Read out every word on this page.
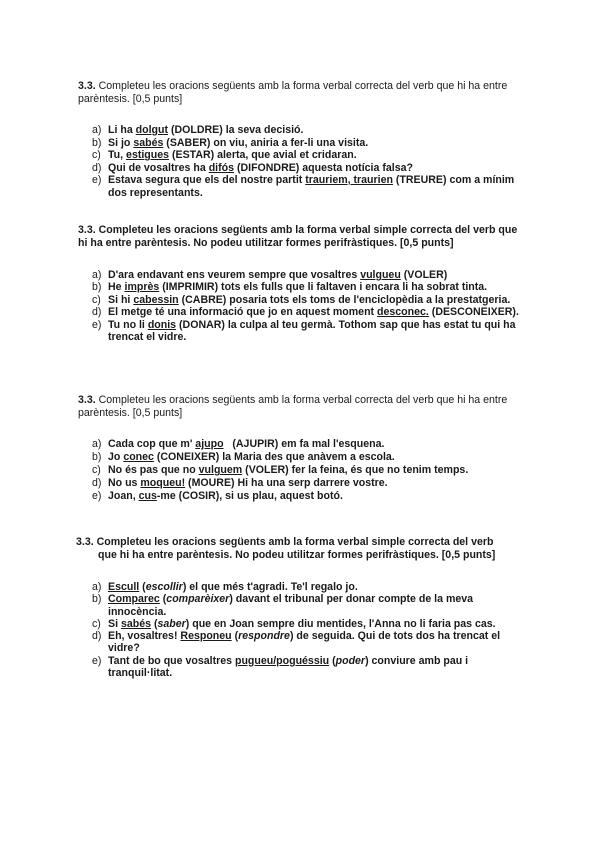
3.3. Completeu les oracions següents amb la forma verbal correcta del verb que hi ha entre parèntesis. [0,5 punts]

a) Li ha dolgut (DOLDRE) la seva decisió.
b) Si jo sabés (SABER) on viu, aniria a fer-li una visita.
c) Tu, estigues (ESTAR) alerta, que avial et cridaran.
d) Qui de vosaltres ha difós (DIFONDRE) aquesta notícia falsa?
e) Estava segura que els del nostre partit trauriem, traurien (TREURE) com a mínim dos representants.

3.3. Completeu les oracions següents amb la forma verbal simple correcta del verb que hi ha entre parèntesis. No podeu utilitzar formes perifràstiques. [0,5 punts]

a) D'ara endavant ens veurem sempre que vosaltres vulgueu (VOLER)
b) He imprès (IMPRIMIR) tots els fulls que li faltaven i encara li ha sobrat tinta.
c) Si hi cabessin (CABRE) posaria tots els toms de l'enciclopèdia a la prestatgeria.
d) El metge té una informació que jo en aquest moment desconec. (DESCONEIXER).
e) Tu no li donis (DONAR) la culpa al teu germà. Tothom sap que has estat tu qui ha trencat el vidre.

3.3. Completeu les oracions següents amb la forma verbal correcta del verb que hi ha entre parèntesis. [0,5 punts]

a) Cada cop que m' ajupo   (AJUPIR) em fa mal l'esquena.
b) Jo conec (CONEIXER) la Maria des que anàvem a escola.
c) No és pas que no vulguem (VOLER) fer la feina, és que no tenim temps.
d) No us moqueu! (MOURE) Hi ha una serp darrere vostre.
e) Joan, cus-me (COSIR), si us plau, aquest botó.

3.3. Completeu les oracions següents amb la forma verbal simple correcta del verb
que hi ha entre parèntesis. No podeu utilitzar formes perifràstiques. [0,5 punts]

a) Escull (escollir) el que més t'agradi. Te'l regalo jo.
b) Comparec (comparèixer) davant el tribunal per donar compte de la meva innocència.
c) Si sabés (saber) que en Joan sempre diu mentides, l'Anna no li faria pas cas.
d) Eh, vosaltres! Responeu (respondre) de seguida. Qui de tots dos ha trencat el vidre?
e) Tant de bo que vosaltres puguеu/poguéssiu (poder) conviure amb pau i tranquil·litat.
